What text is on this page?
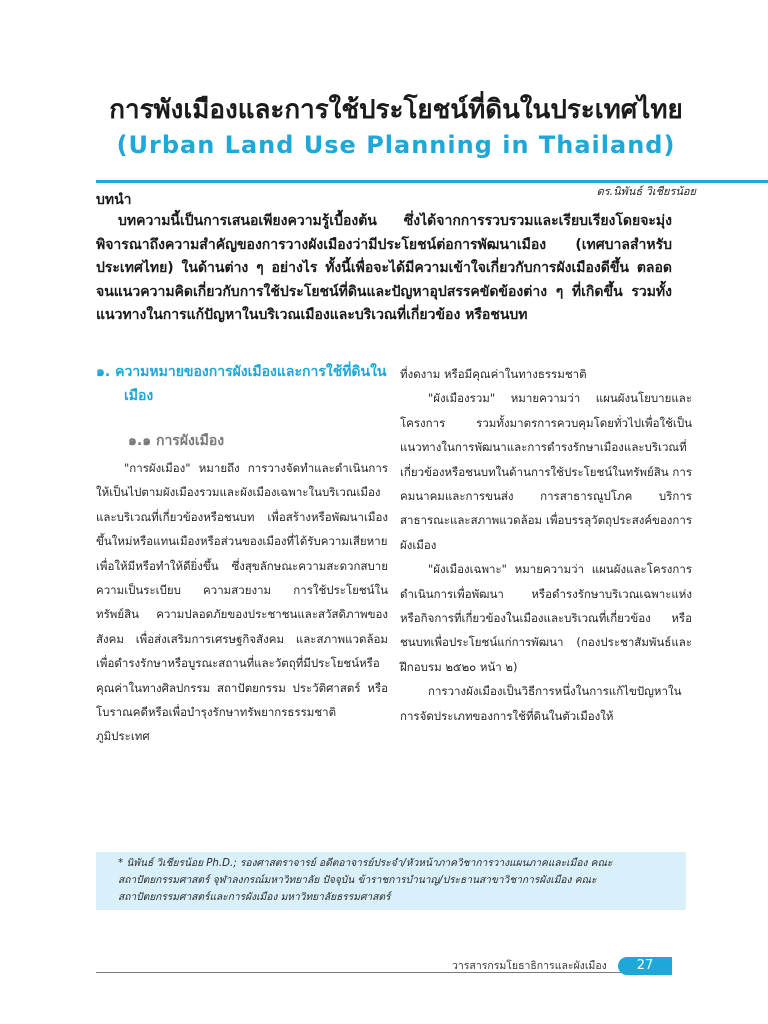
การพังเมืองและการใช้ประโยชน์ที่ดินในประเทศไทย
(Urban Land Use Planning in Thailand)
ดร.นิพันธ์ วิเชียรน้อย
บทนำ

บทความนี้เป็นการเสนอเพียงความรู้เบื้องต้น ซึ่งได้จากการรวบรวมและเรียบเรียงโดยจะมุ่งพิจารณาถึงความสำคัญของการวางผังเมืองว่ามีประโยชน์ต่อการพัฒนาเมือง (เทศบาลสำหรับประเทศไทย) ในด้านต่าง ๆ อย่างไร ทั้งนี้เพื่อจะได้มีความเข้าใจเกี่ยวกับการผังเมืองดีขึ้น ตลอดจนแนวความคิดเกี่ยวกับการใช้ประโยชน์ที่ดินและปัญหาอุปสรรคขัดข้องต่าง ๆ ที่เกิดขึ้น รวมทั้งแนวทางในการแก้ปัญหาในบริเวณเมืองและบริเวณที่เกี่ยวข้อง หรือชนบท

๑. ความหมายของการผังเมืองและการใช้ที่ดินในเมือง
๑.๑ การผังเมือง

"การผังเมือง" หมายถึง การวางจัดทำและดำเนินการให้เป็นไปตามผังเมืองรวมและผังเมืองเฉพาะในบริเวณเมืองและบริเวณที่เกี่ยวข้องหรือชนบท เพื่อสร้างหรือพัฒนาเมืองขึ้นใหม่หรือแทนเมืองหรือส่วนของเมืองที่ได้รับความเสียหาย เพื่อให้มีหรือทำให้ดียิ่งขึ้น ซึ่งสุขลักษณะความสะดวกสบาย ความเป็นระเบียบ ความสวยงาม การใช้ประโยชน์ในทรัพย์สิน ความปลอดภัยของประชาชนและสวัสดิภาพของสังคม เพื่อส่งเสริมการเศรษฐกิจสังคม และสภาพแวดล้อม เพื่อดำรงรักษาหรือบูรณะสถานที่และวัตถุที่มีประโยชน์หรือคุณค่าในทางศิลปกรรม สถาปัตยกรรม ประวัติศาสตร์ หรือโบราณคดีหรือเพื่อบำรุงรักษาทรัพยากรธรรมชาติ ภูมิประเทศ

ที่งดงาม หรือมีคุณค่าในทางธรรมชาติ

"ผังเมืองรวม" หมายความว่า แผนผังนโยบายและโครงการ รวมทั้งมาตรการควบคุมโดยทั่วไปเพื่อใช้เป็นแนวทางในการพัฒนาและการดำรงรักษาเมืองและบริเวณที่เกี่ยวข้องหรือชนบทในด้านการใช้ประโยชน์ในทรัพย์สิน การคมนาคมและการขนส่ง การสาธารณูปโภค บริการสาธารณะและสภาพแวดล้อม เพื่อบรรลุวัตถุประสงค์ของการผังเมือง

"ผังเมืองเฉพาะ" หมายความว่า แผนผังและโครงการดำเนินการเพื่อพัฒนา หรือดำรงรักษาบริเวณเฉพาะแห่ง หรือกิจการที่เกี่ยวข้องในเมืองและบริเวณที่เกี่ยวข้อง หรือชนบทเพื่อประโยชน์แก่การพัฒนา (กองประชาสัมพันธ์และฝึกอบรม ๒๕๒๐ หน้า ๒)

การวางผังเมืองเป็นวิธีการหนึ่งในการแก้ไขปัญหาในการจัดประเภทของการใช้ที่ดินในตัวเมืองให้

* นิพันธ์ วิเชียรน้อย Ph.D.; รองศาสตราจารย์ อดีตอาจารย์ประจำ/หัวหน้าภาควิชาการวางแผนภาคและเมือง คณะสถาปัตยกรรมศาสตร์ จุฬาลงกรณ์มหาวิทยาลัย ปัจจุบัน ข้าราชการบำนาญ/ประธานสาขาวิชาการผังเมือง คณะสถาปัตยกรรมศาสตร์และการผังเมือง มหาวิทยาลัยธรรมศาสตร์
วารสารกรมโยธาธิการและผังเมือง	27
